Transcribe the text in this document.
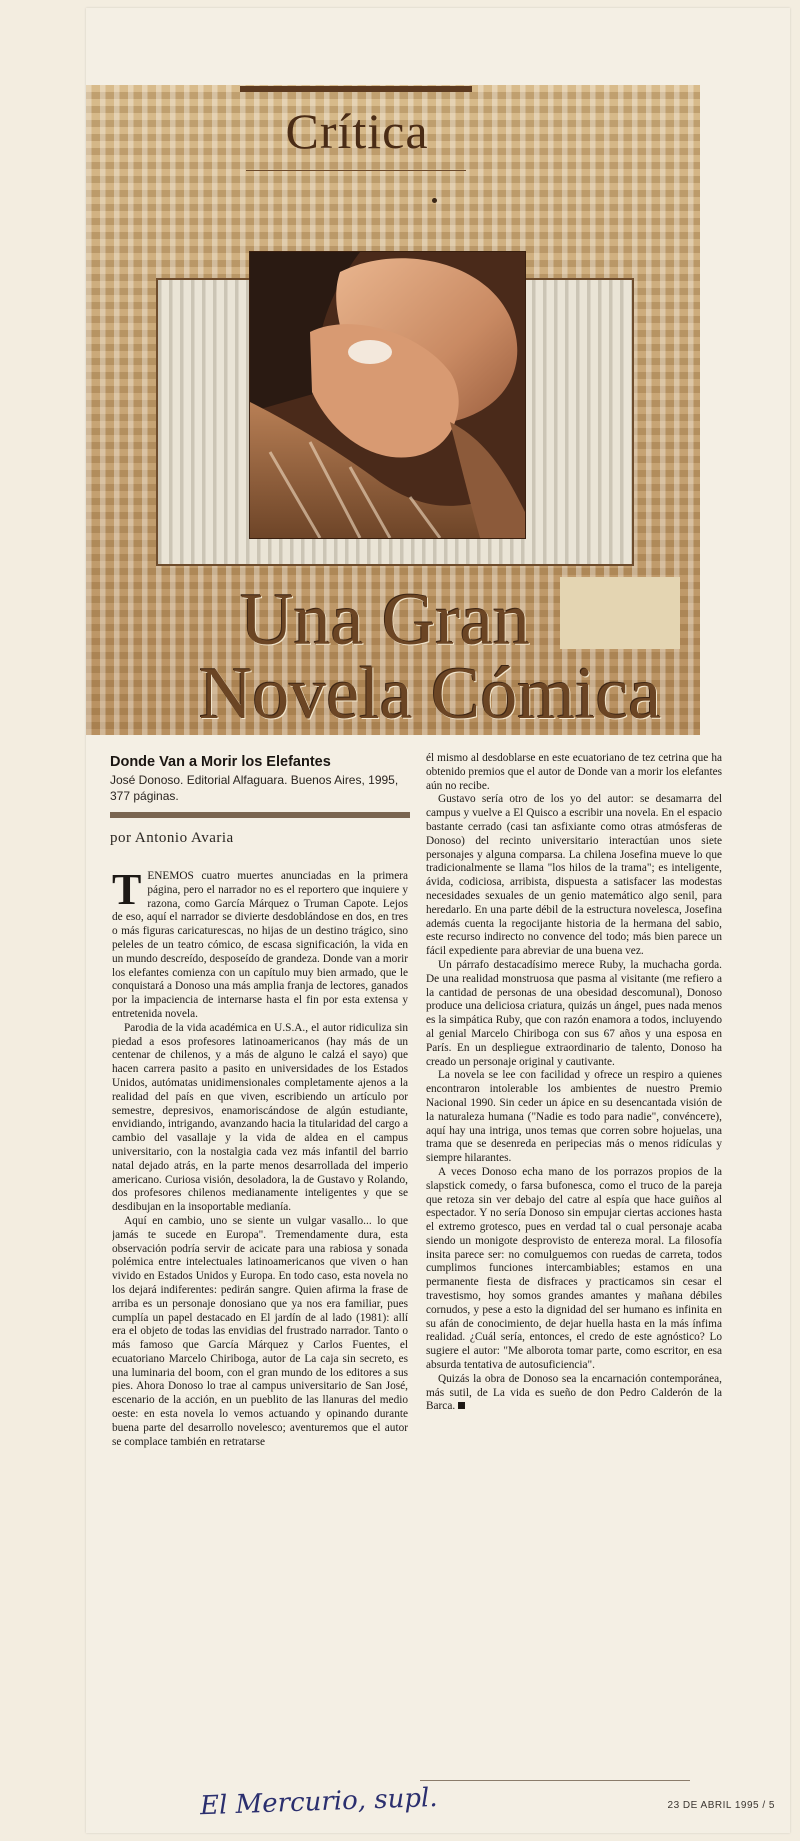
Crítica
Una Gran
Novela Cómica
Donde Van a Morir los Elefantes
José Donoso. Editorial Alfaguara. Buenos Aires, 1995, 377 páginas.
por Antonio Avaria

TENEMOS cuatro muertes anunciadas en la primera página, pero el narrador no es el reportero que inquiere y razona, como García Márquez o Truman Capote. Lejos de eso, aquí el narrador se divierte desdoblándose en dos, en tres o más figuras caricaturescas, no hijas de un destino trágico, sino peleles de un teatro cómico, de escasa significación, la vida en un mundo descreído, desposeído de grandeza. Donde van a morir los elefantes comienza con un capítulo muy bien armado, que le conquistará a Donoso una más amplia franja de lectores, ganados por la impaciencia de internarse hasta el fin por esta extensa y entretenida novela.

Parodia de la vida académica en U.S.A., el autor ridiculiza sin piedad a esos profesores latinoamericanos (hay más de un centenar de chilenos, y a más de alguno le calzá el sayo) que hacen carrera pasito a pasito en universidades de los Estados Unidos, autómatas unidimensionales completamente ajenos a la realidad del país en que viven, escribiendo un artículo por semestre, depresivos, enamoriscándose de algún estudiante, envidiando, intrigando, avanzando hacia la titularidad del cargo a cambio del vasallaje y la vida de aldea en el campus universitario, con la nostalgia cada vez más infantil del barrio natal dejado atrás, en la parte menos desarrollada del imperio americano. Curiosa visión, desoladora, la de Gustavo y Rolando, dos profesores chilenos medianamente inteligentes y que se desdibujan en la insoportable medianía.

Aquí en cambio, uno se siente un vulgar vasallo... lo que jamás te sucede en Europa". Tremendamente dura, esta observación podría servir de acicate para una rabiosa y sonada polémica entre intelectuales latinoamericanos que viven o han vivido en Estados Unidos y Europa. En todo caso, esta novela no los dejará indiferentes: pedirán sangre. Quien afirma la frase de arriba es un personaje donosiano que ya nos era familiar, pues cumplía un papel destacado en El jardín de al lado (1981): allí era el objeto de todas las envidias del frustrado narrador. Tanto o más famoso que García Márquez y Carlos Fuentes, el ecuatoriano Marcelo Chiriboga, autor de La caja sin secreto, es una luminaria del boom, con el gran mundo de los editores a sus pies. Ahora Donoso lo trae al campus universitario de San José, escenario de la acción, en un pueblito de las llanuras del medio oeste: en esta novela lo vemos actuando y opinando durante buena parte del desarrollo novelesco; aventuremos que el autor se complace también en retratarse

él mismo al desdoblarse en este ecuatoriano de tez cetrina que ha obtenido premios que el autor de Donde van a morir los elefantes aún no recibe.

Gustavo sería otro de los yo del autor: se desamarra del campus y vuelve a El Quisco a escribir una novela. En el espacio bastante cerrado (casi tan asfixiante como otras atmósferas de Donoso) del recinto universitario interactúan unos siete personajes y alguna comparsa. La chilena Josefina mueve lo que tradicionalmente se llama "los hilos de la trama"; es inteligente, ávida, codiciosa, arribista, dispuesta a satisfacer las modestas necesidades sexuales de un genio matemático algo senil, para heredarlo. En una parte débil de la estructura novelesca, Josefina además cuenta la regocijante historia de la hermana del sabio, este recurso indirecto no convence del todo; más bien parece un fácil expediente para abreviar de una buena vez.

Un párrafo destacadísimo merece Ruby, la muchacha gorda. De una realidad monstruosa que pasma al visitante (me refiero a la cantidad de personas de una obesidad descomunal), Donoso produce una deliciosa criatura, quizás un ángel, pues nada menos es la simpática Ruby, que con razón enamora a todos, incluyendo al genial Marcelo Chiriboga con sus 67 años y una esposa en París. En un despliegue extraordinario de talento, Donoso ha creado un personaje original y cautivante.

La novela se lee con facilidad y ofrece un respiro a quienes encontraron intolerable los ambientes de nuestro Premio Nacional 1990. Sin ceder un ápice en su desencantada visión de la naturaleza humana ("Nadie es todo para nadie", convénceте), aquí hay una intriga, unos temas que corren sobre hojuelas, una trama que se desenreda en peripecias más o menos ridículas y siempre hilarantes.

A veces Donoso echa mano de los porrazos propios de la slapstick comedy, o farsa bufonesca, como el truco de la pareja que retoza sin ver debajo del catre al espía que hace guiños al espectador. Y no sería Donoso sin empujar ciertas acciones hasta el extremo grotesco, pues en verdad tal o cual personaje acaba siendo un monigote desprovisto de entereza moral. La filosofía insita parece ser: no comulguemos con ruedas de carreta, todos cumplimos funciones intercambiables; estamos en una permanente fiesta de disfraces y practicamos sin cesar el travestismo, hoy somos grandes amantes y mañana débiles cornudos, y pese a esto la dignidad del ser humano es infinita en su afán de conocimiento, de dejar huella hasta en la más ínfima realidad. ¿Cuál sería, entonces, el credo de este agnóstico? Lo sugiere el autor: "Me alborota tomar parte, como escritor, en esa absurda tentativa de autosuficiencia".

Quizás la obra de Donoso sea la encarnación contemporánea, más sutil, de La vida es sueño de don Pedro Calderón de la Barca.

El Mercurio, supl.	23 DE ABRIL 1995 / 5
